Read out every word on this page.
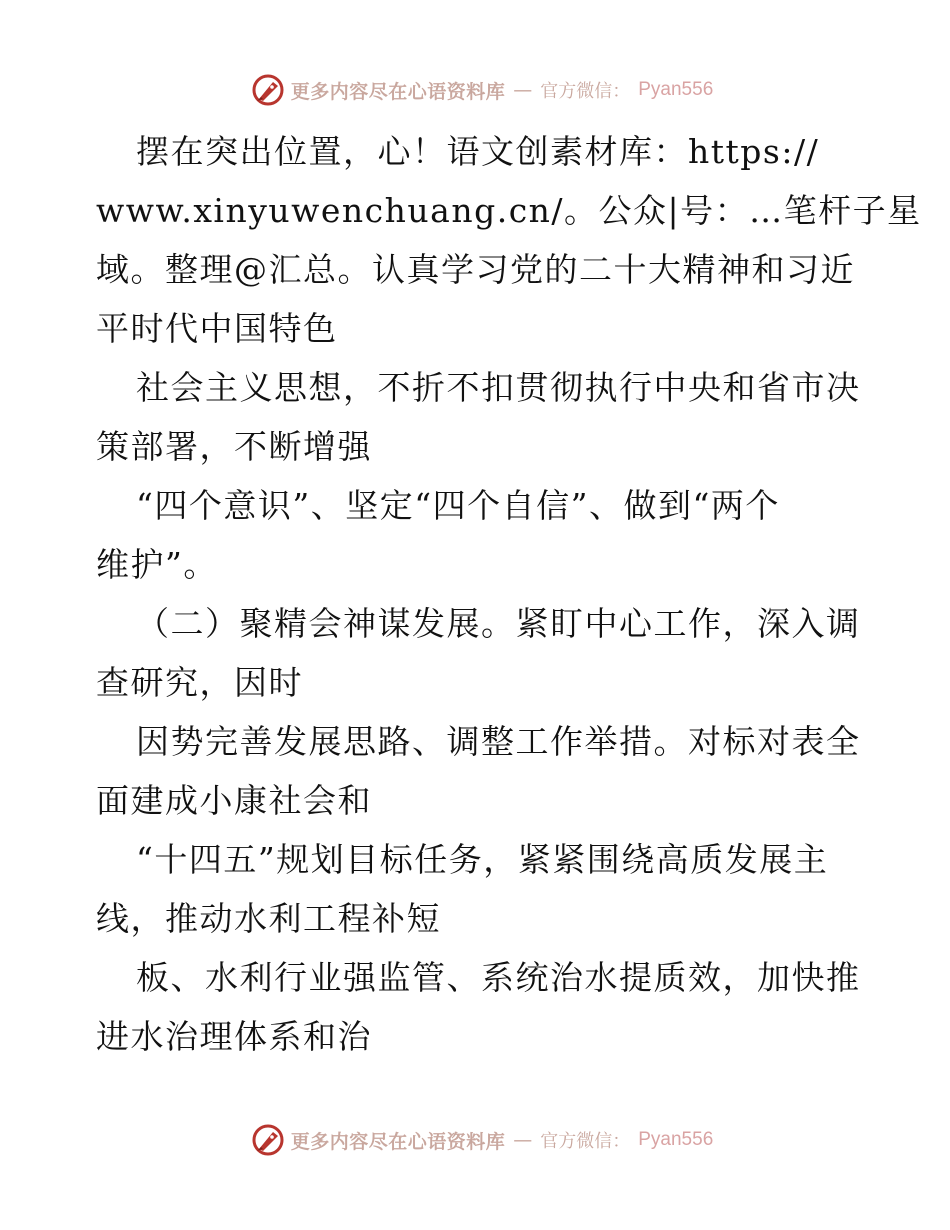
更多内容尽在心语资料库 — 官方微信： Pyan556
摆在突出位置，心！语文创素材库：https://
www.xinyuwenchuang.cn/。公众|号：…笔杆子星
域。整理@汇总。认真学习党的二十大精神和习近
平时代中国特色
社会主义思想，不折不扣贯彻执行中央和省市决
策部署，不断增强
“四个意识”、坚定“四个自信”、做到“两个
维护”。
（二）聚精会神谋发展。紧盯中心工作，深入调
查研究，因时
因势完善发展思路、调整工作举措。对标对表全
面建成小康社会和
“十四五”规划目标任务，紧紧围绕高质发展主
线，推动水利工程补短
板、水利行业强监管、系统治水提质效，加快推
进水治理体系和治
更多内容尽在心语资料库 — 官方微信： Pyan556
